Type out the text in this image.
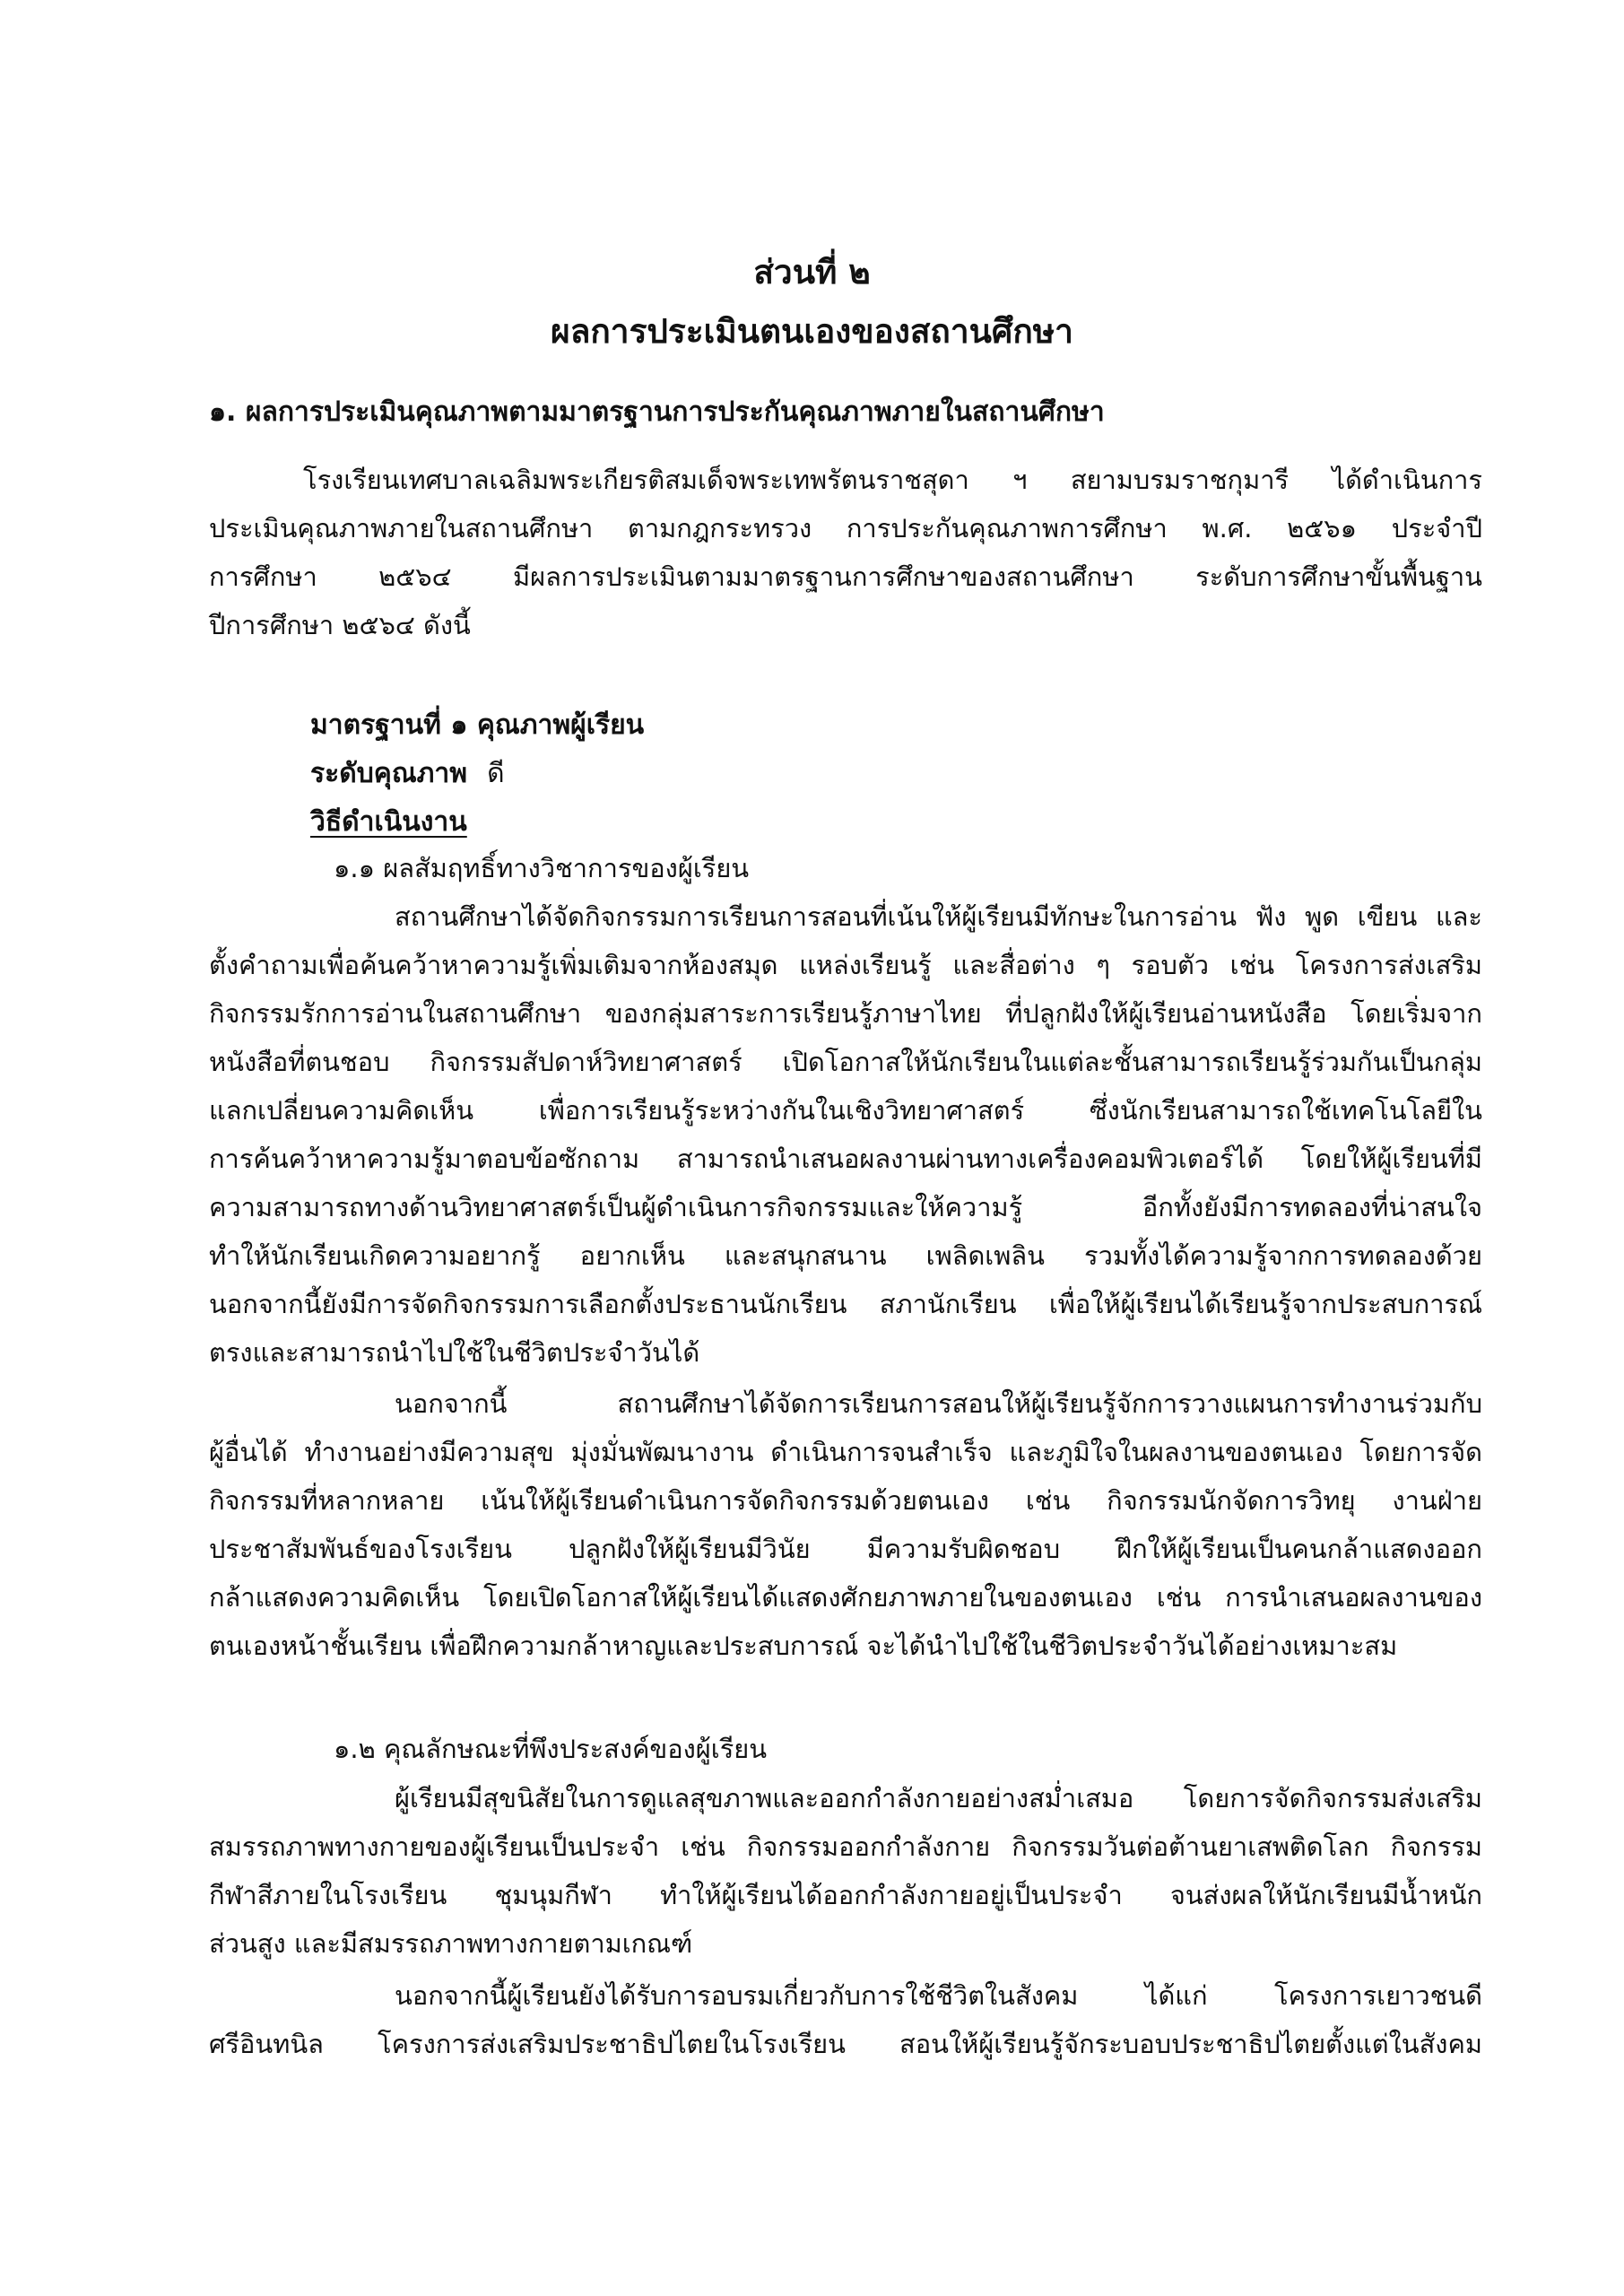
ส่วนที่ ๒
ผลการประเมินตนเองของสถานศึกษา
๑. ผลการประเมินคุณภาพตามมาตรฐานการประกันคุณภาพภายในสถานศึกษา
โรงเรียนเทศบาลเฉลิมพระเกียรติสมเด็จพระเทพรัตนราชสุดา ฯ สยามบรมราชกุมารี ได้ดำเนินการ
ประเมินคุณภาพภายในสถานศึกษา ตามกฎกระทรวง การประกันคุณภาพการศึกษา พ.ศ. ๒๕๖๑ ประจำปี
การศึกษา ๒๕๖๔ มีผลการประเมินตามมาตรฐานการศึกษาของสถานศึกษา ระดับการศึกษาขั้นพื้นฐาน
ปีการศึกษา ๒๕๖๔ ดังนี้
มาตรฐานที่ ๑ คุณภาพผู้เรียน
ระดับคุณภาพ ดี
วิธีดำเนินงาน
๑.๑ ผลสัมฤทธิ์ทางวิชาการของผู้เรียน
สถานศึกษาได้จัดกิจกรรมการเรียนการสอนที่เน้นให้ผู้เรียนมีทักษะในการอ่าน ฟัง พูด เขียน และ
ตั้งคำถามเพื่อค้นคว้าหาความรู้เพิ่มเติมจากห้องสมุด แหล่งเรียนรู้ และสื่อต่าง ๆ รอบตัว เช่น โครงการส่งเสริม
กิจกรรมรักการอ่านในสถานศึกษา ของกลุ่มสาระการเรียนรู้ภาษาไทย ที่ปลูกฝังให้ผู้เรียนอ่านหนังสือ โดยเริ่มจาก
หนังสือที่ตนชอบ กิจกรรมสัปดาห์วิทยาศาสตร์ เปิดโอกาสให้นักเรียนในแต่ละชั้นสามารถเรียนรู้ร่วมกันเป็นกลุ่ม
แลกเปลี่ยนความคิดเห็น เพื่อการเรียนรู้ระหว่างกันในเชิงวิทยาศาสตร์ ซึ่งนักเรียนสามารถใช้เทคโนโลยีใน
การค้นคว้าหาความรู้มาตอบข้อซักถาม สามารถนำเสนอผลงานผ่านทางเครื่องคอมพิวเตอร์ได้ โดยให้ผู้เรียนที่มี
ความสามารถทางด้านวิทยาศาสตร์เป็นผู้ดำเนินการกิจกรรมและให้ความรู้ อีกทั้งยังมีการทดลองที่น่าสนใจ
ทำให้นักเรียนเกิดความอยากรู้ อยากเห็น และสนุกสนาน เพลิดเพลิน รวมทั้งได้ความรู้จากการทดลองด้วย
นอกจากนี้ยังมีการจัดกิจกรรมการเลือกตั้งประธานนักเรียน สภานักเรียน เพื่อให้ผู้เรียนได้เรียนรู้จากประสบการณ์
ตรงและสามารถนำไปใช้ในชีวิตประจำวันได้
นอกจากนี้ สถานศึกษาได้จัดการเรียนการสอนให้ผู้เรียนรู้จักการวางแผนการทำงานร่วมกับ
ผู้อื่นได้ ทำงานอย่างมีความสุข มุ่งมั่นพัฒนางาน ดำเนินการจนสำเร็จ และภูมิใจในผลงานของตนเอง โดยการจัด
กิจกรรมที่หลากหลาย เน้นให้ผู้เรียนดำเนินการจัดกิจกรรมด้วยตนเอง เช่น กิจกรรมนักจัดการวิทยุ งานฝ่าย
ประชาสัมพันธ์ของโรงเรียน ปลูกฝังให้ผู้เรียนมีวินัย มีความรับผิดชอบ ฝึกให้ผู้เรียนเป็นคนกล้าแสดงออก
กล้าแสดงความคิดเห็น โดยเปิดโอกาสให้ผู้เรียนได้แสดงศักยภาพภายในของตนเอง เช่น การนำเสนอผลงานของ
ตนเองหน้าชั้นเรียน เพื่อฝึกความกล้าหาญและประสบการณ์ จะได้นำไปใช้ในชีวิตประจำวันได้อย่างเหมาะสม
๑.๒ คุณลักษณะที่พึงประสงค์ของผู้เรียน
ผู้เรียนมีสุขนิสัยในการดูแลสุขภาพและออกกำลังกายอย่างสม่ำเสมอ โดยการจัดกิจกรรมส่งเสริม
สมรรถภาพทางกายของผู้เรียนเป็นประจำ เช่น กิจกรรมออกกำลังกาย กิจกรรมวันต่อต้านยาเสพติดโลก กิจกรรม
กีฬาสีภายในโรงเรียน ชุมนุมกีฬา ทำให้ผู้เรียนได้ออกกำลังกายอยู่เป็นประจำ จนส่งผลให้นักเรียนมีน้ำหนัก
ส่วนสูง และมีสมรรถภาพทางกายตามเกณฑ์
นอกจากนี้ผู้เรียนยังได้รับการอบรมเกี่ยวกับการใช้ชีวิตในสังคม ได้แก่ โครงการเยาวชนดี
ศรีอินทนิล โครงการส่งเสริมประชาธิปไตยในโรงเรียน สอนให้ผู้เรียนรู้จักระบอบประชาธิปไตยตั้งแต่ในสังคม
